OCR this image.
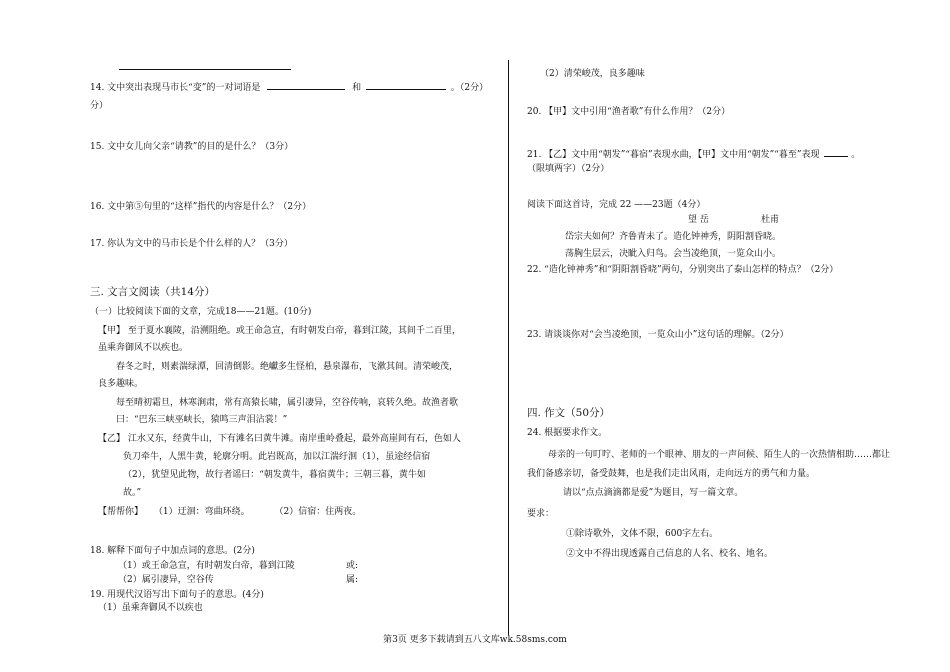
14. 文中突出表现马市长“变”的一对词语是	和	。（2分）
分）
15. 文中女儿向父亲“请教”的目的是什么？（3分）
16. 文中第⑤句里的“这样”指代的内容是什么？（2分）
17. 你认为文中的马市长是个什么样的人？（3分）
三. 文言文阅读（共14分）
（一）比较阅读下面的文章，完成18——21题。(10分)
【甲】 至于夏水襄陵，沿溯阻绝。或王命急宣，有时朝发白帝，暮到江陵，其间千二百里，
虽乘奔御风不以疾也。
春冬之时，则素湍绿潭，回清倒影。绝巘多生怪柏，悬泉瀑布，飞漱其间。清荣峻茂，
良多趣味。
每至晴初霜旦，林寒涧肃，常有高猿长啸，属引凄异，空谷传响，哀转久绝。故渔者歌
曰：“巴东三峡巫峡长，猿鸣三声泪沾裳！”
【乙】 江水又东，经黄牛山，下有滩名曰黄牛滩。南岸重岭叠起，最外高崖间有石，色如人
负刀牵牛，人黑牛黄，轮廓分明。此岩既高，加以江湍纡洄（1），虽途经信宿
（2），犹望见此物，故行者谣曰：“朝发黄牛，暮宿黄牛；三朝三暮，黄牛如
故。”
【帮帮你】 （1）迂洄：弯曲环绕。	（2）信宿：住两夜。
18. 解释下面句子中加点词的意思。(2分)
（1）或王命急宣，有时朝发白帝，暮到江陵	或:
（2）属引凄异，空谷传	属:
19. 用现代汉语写出下面句子的意思。(4分)
（1）虽乘奔御风不以疾也
（2）清荣峻茂，良多趣味
20. 【甲】文中引用“渔者歌”有什么作用？（2分）
21. 【乙】文中用“朝发”“暮宿”表现水曲，【甲】文中用“朝发”“暮至”表现	。
（限填两字）（2分）
阅读下面这首诗，完成 22 ——23题（4分）
望 岳	杜甫
岱宗夫如何？齐鲁青未了。造化钟神秀，阴阳割昏晓。
荡胸生层云，决眦入归鸟。会当凌绝顶，一览众山小。
22. “造化钟神秀”和“阴阳割昏晓”两句，分别突出了泰山怎样的特点？（2分）
23. 请谈谈你对“会当凌绝顶，一览众山小”这句话的理解。（2分）
四. 作文（50分）
24. 根据要求作文。
母亲的一句叮咛、老师的一个眼神、朋友的一声问候、陌生人的一次热情相助……都让
我们备感亲切，备受鼓舞，也是我们走出风雨，走向远方的勇气和力量。
请以“点点滴滴都是爱”为题目，写一篇文章。
要求：
①除诗歌外，文体不限，600字左右。
②文中不得出现透露自己信息的人名、校名、地名。
第3页 更多下载请到五八文库wk.58sms.com
